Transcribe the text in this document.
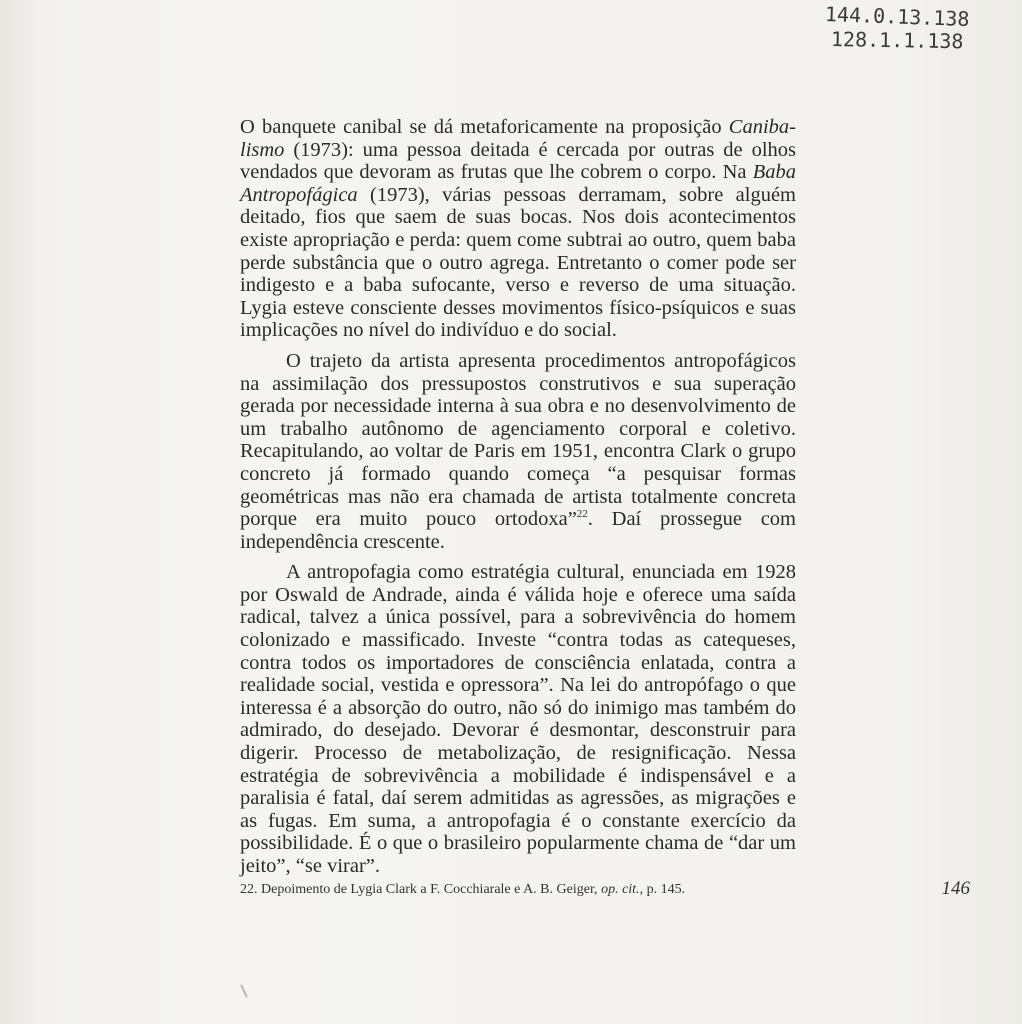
144.0.13.138
128.1.1.138

O banquete canibal se dá metaforicamente na proposição Caniba-lismo (1973): uma pessoa deitada é cercada por outras de olhos vendados que devoram as frutas que lhe cobrem o corpo. Na Baba Antropofágica (1973), várias pessoas derramam, sobre alguém deitado, fios que saem de suas bocas. Nos dois acontecimentos existe apropriação e perda: quem come subtrai ao outro, quem baba perde substância que o outro agrega. Entretanto o comer pode ser indigesto e a baba sufocante, verso e reverso de uma situação. Lygia esteve consciente desses movimentos físico-psíquicos e suas implicações no nível do indivíduo e do social.

O trajeto da artista apresenta procedimentos antropofágicos na assimilação dos pressupostos construtivos e sua superação gerada por necessidade interna à sua obra e no desenvolvimento de um trabalho autônomo de agenciamento corporal e coletivo. Recapitulando, ao voltar de Paris em 1951, encontra Clark o grupo concreto já formado quando começa “a pesquisar formas geométricas mas não era chamada de artista totalmente concreta porque era muito pouco ortodoxa”$^{22}$. Daí prossegue com independência crescente.

A antropofagia como estratégia cultural, enunciada em 1928 por Oswald de Andrade, ainda é válida hoje e oferece uma saída radical, talvez a única possível, para a sobrevivência do homem colonizado e massificado. Investe “contra todas as catequeses, contra todos os importadores de consciência enlatada, contra a realidade social, vestida e opressora”. Na lei do antropófago o que interessa é a absorção do outro, não só do inimigo mas também do admirado, do desejado. Devorar é desmontar, desconstruir para digerir. Processo de metabolização, de resignificação. Nessa estratégia de sobrevivência a mobilidade é indispensável e a paralisia é fatal, daí serem admitidas as agressões, as migrações e as fugas. Em suma, a antropofagia é o constante exercício da possibilidade. É o que o brasileiro popularmente chama de “dar um jeito”, “se virar”.

22. Depoimento de Lygia Clark a F. Cocchiarale e A. B. Geiger, op. cit., p. 145.	146
